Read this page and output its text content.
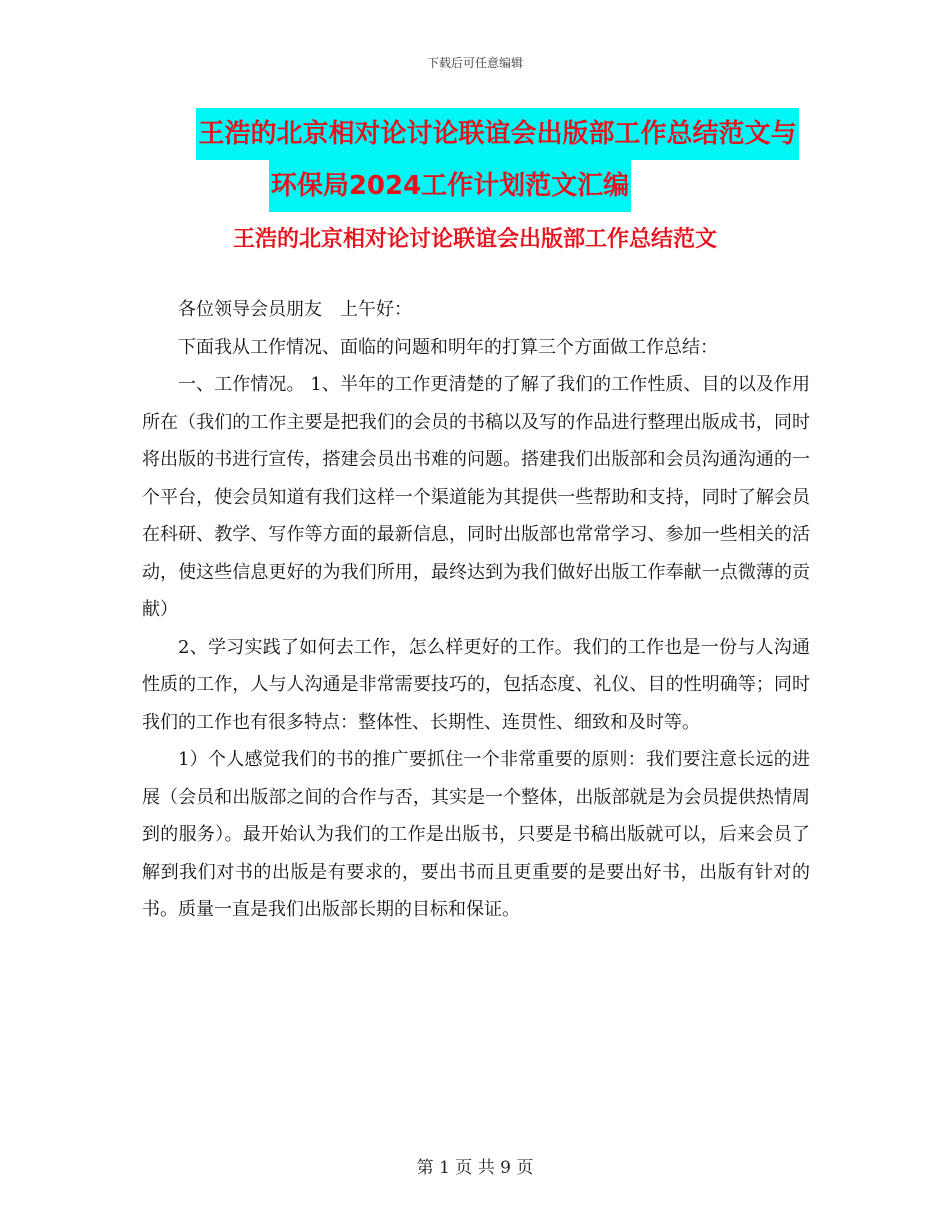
下载后可任意编辑
王浩的北京相对论讨论联谊会出版部工作总结范文与
环保局2024工作计划范文汇编
王浩的北京相对论讨论联谊会出版部工作总结范文

各位领导会员朋友　上午好：

下面我从工作情况、面临的问题和明年的打算三个方面做工作总结：

一、工作情况。 1、半年的工作更清楚的了解了我们的工作性质、目的以及作用所在（我们的工作主要是把我们的会员的书稿以及写的作品进行整理出版成书，同时将出版的书进行宣传，搭建会员出书难的问题。搭建我们出版部和会员沟通沟通的一个平台，使会员知道有我们这样一个渠道能为其提供一些帮助和支持，同时了解会员在科研、教学、写作等方面的最新信息，同时出版部也常常学习、参加一些相关的活动，使这些信息更好的为我们所用，最终达到为我们做好出版工作奉献一点微薄的贡献）

2、学习实践了如何去工作，怎么样更好的工作。我们的工作也是一份与人沟通性质的工作，人与人沟通是非常需要技巧的，包括态度、礼仪、目的性明确等；同时我们的工作也有很多特点：整体性、长期性、连贯性、细致和及时等。

1）个人感觉我们的书的推广要抓住一个非常重要的原则：我们要注意长远的进展（会员和出版部之间的合作与否，其实是一个整体，出版部就是为会员提供热情周到的服务）。最开始认为我们的工作是出版书，只要是书稿出版就可以，后来会员了解到我们对书的出版是有要求的，要出书而且更重要的是要出好书，出版有针对的书。质量一直是我们出版部长期的目标和保证。

第 1 页 共 9 页
